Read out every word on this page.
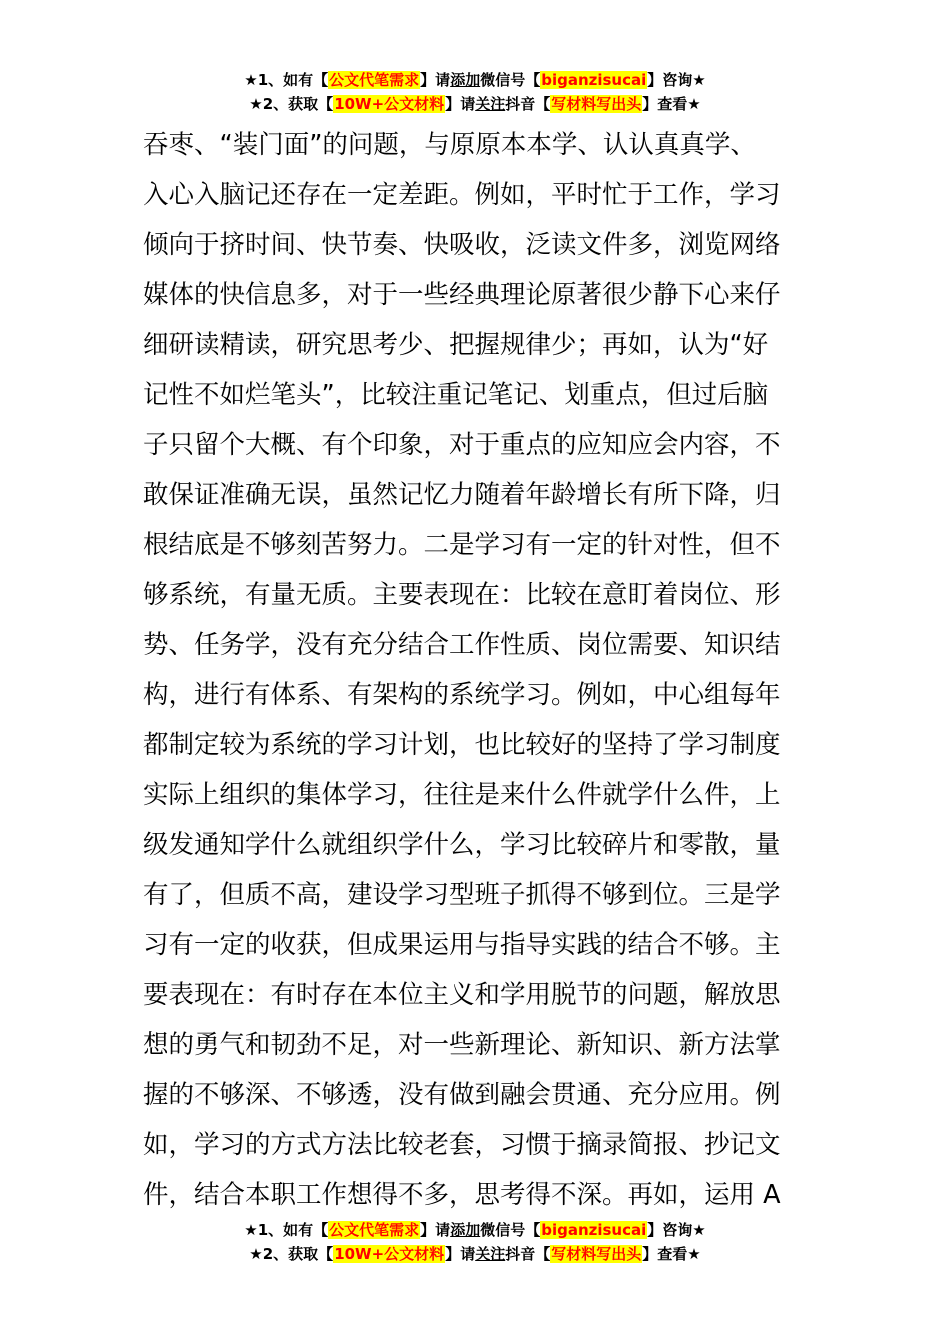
★1、如有【公文代笔需求】请添加微信号【biganzisucai】咨询★
★2、获取【10W+公文材料】请关注抖音【写材料写出头】查看★
吞枣、“装门面”的问题，与原原本本学、认认真真学、
入心入脑记还存在一定差距。例如，平时忙于工作，学习
倾向于挤时间、快节奏、快吸收，泛读文件多，浏览网络
媒体的快信息多，对于一些经典理论原著很少静下心来仔
细研读精读，研究思考少、把握规律少；再如，认为“好
记性不如烂笔头”，比较注重记笔记、划重点，但过后脑
子只留个大概、有个印象，对于重点的应知应会内容，不
敢保证准确无误，虽然记忆力随着年龄增长有所下降，归
根结底是不够刻苦努力。二是学习有一定的针对性，但不
够系统，有量无质。主要表现在：比较在意盯着岗位、形
势、任务学，没有充分结合工作性质、岗位需要、知识结
构，进行有体系、有架构的系统学习。例如，中心组每年
都制定较为系统的学习计划，也比较好的坚持了学习制度
实际上组织的集体学习，往往是来什么件就学什么件，上
级发通知学什么就组织学什么，学习比较碎片和零散，量
有了，但质不高，建设学习型班子抓得不够到位。三是学
习有一定的收获，但成果运用与指导实践的结合不够。主
要表现在：有时存在本位主义和学用脱节的问题，解放思
想的勇气和韧劲不足，对一些新理论、新知识、新方法掌
握的不够深、不够透，没有做到融会贯通、充分应用。例
如，学习的方式方法比较老套，习惯于摘录简报、抄记文
件，结合本职工作想得不多，思考得不深。再如，运用 A
★1、如有【公文代笔需求】请添加微信号【biganzisucai】咨询★
★2、获取【10W+公文材料】请关注抖音【写材料写出头】查看★
